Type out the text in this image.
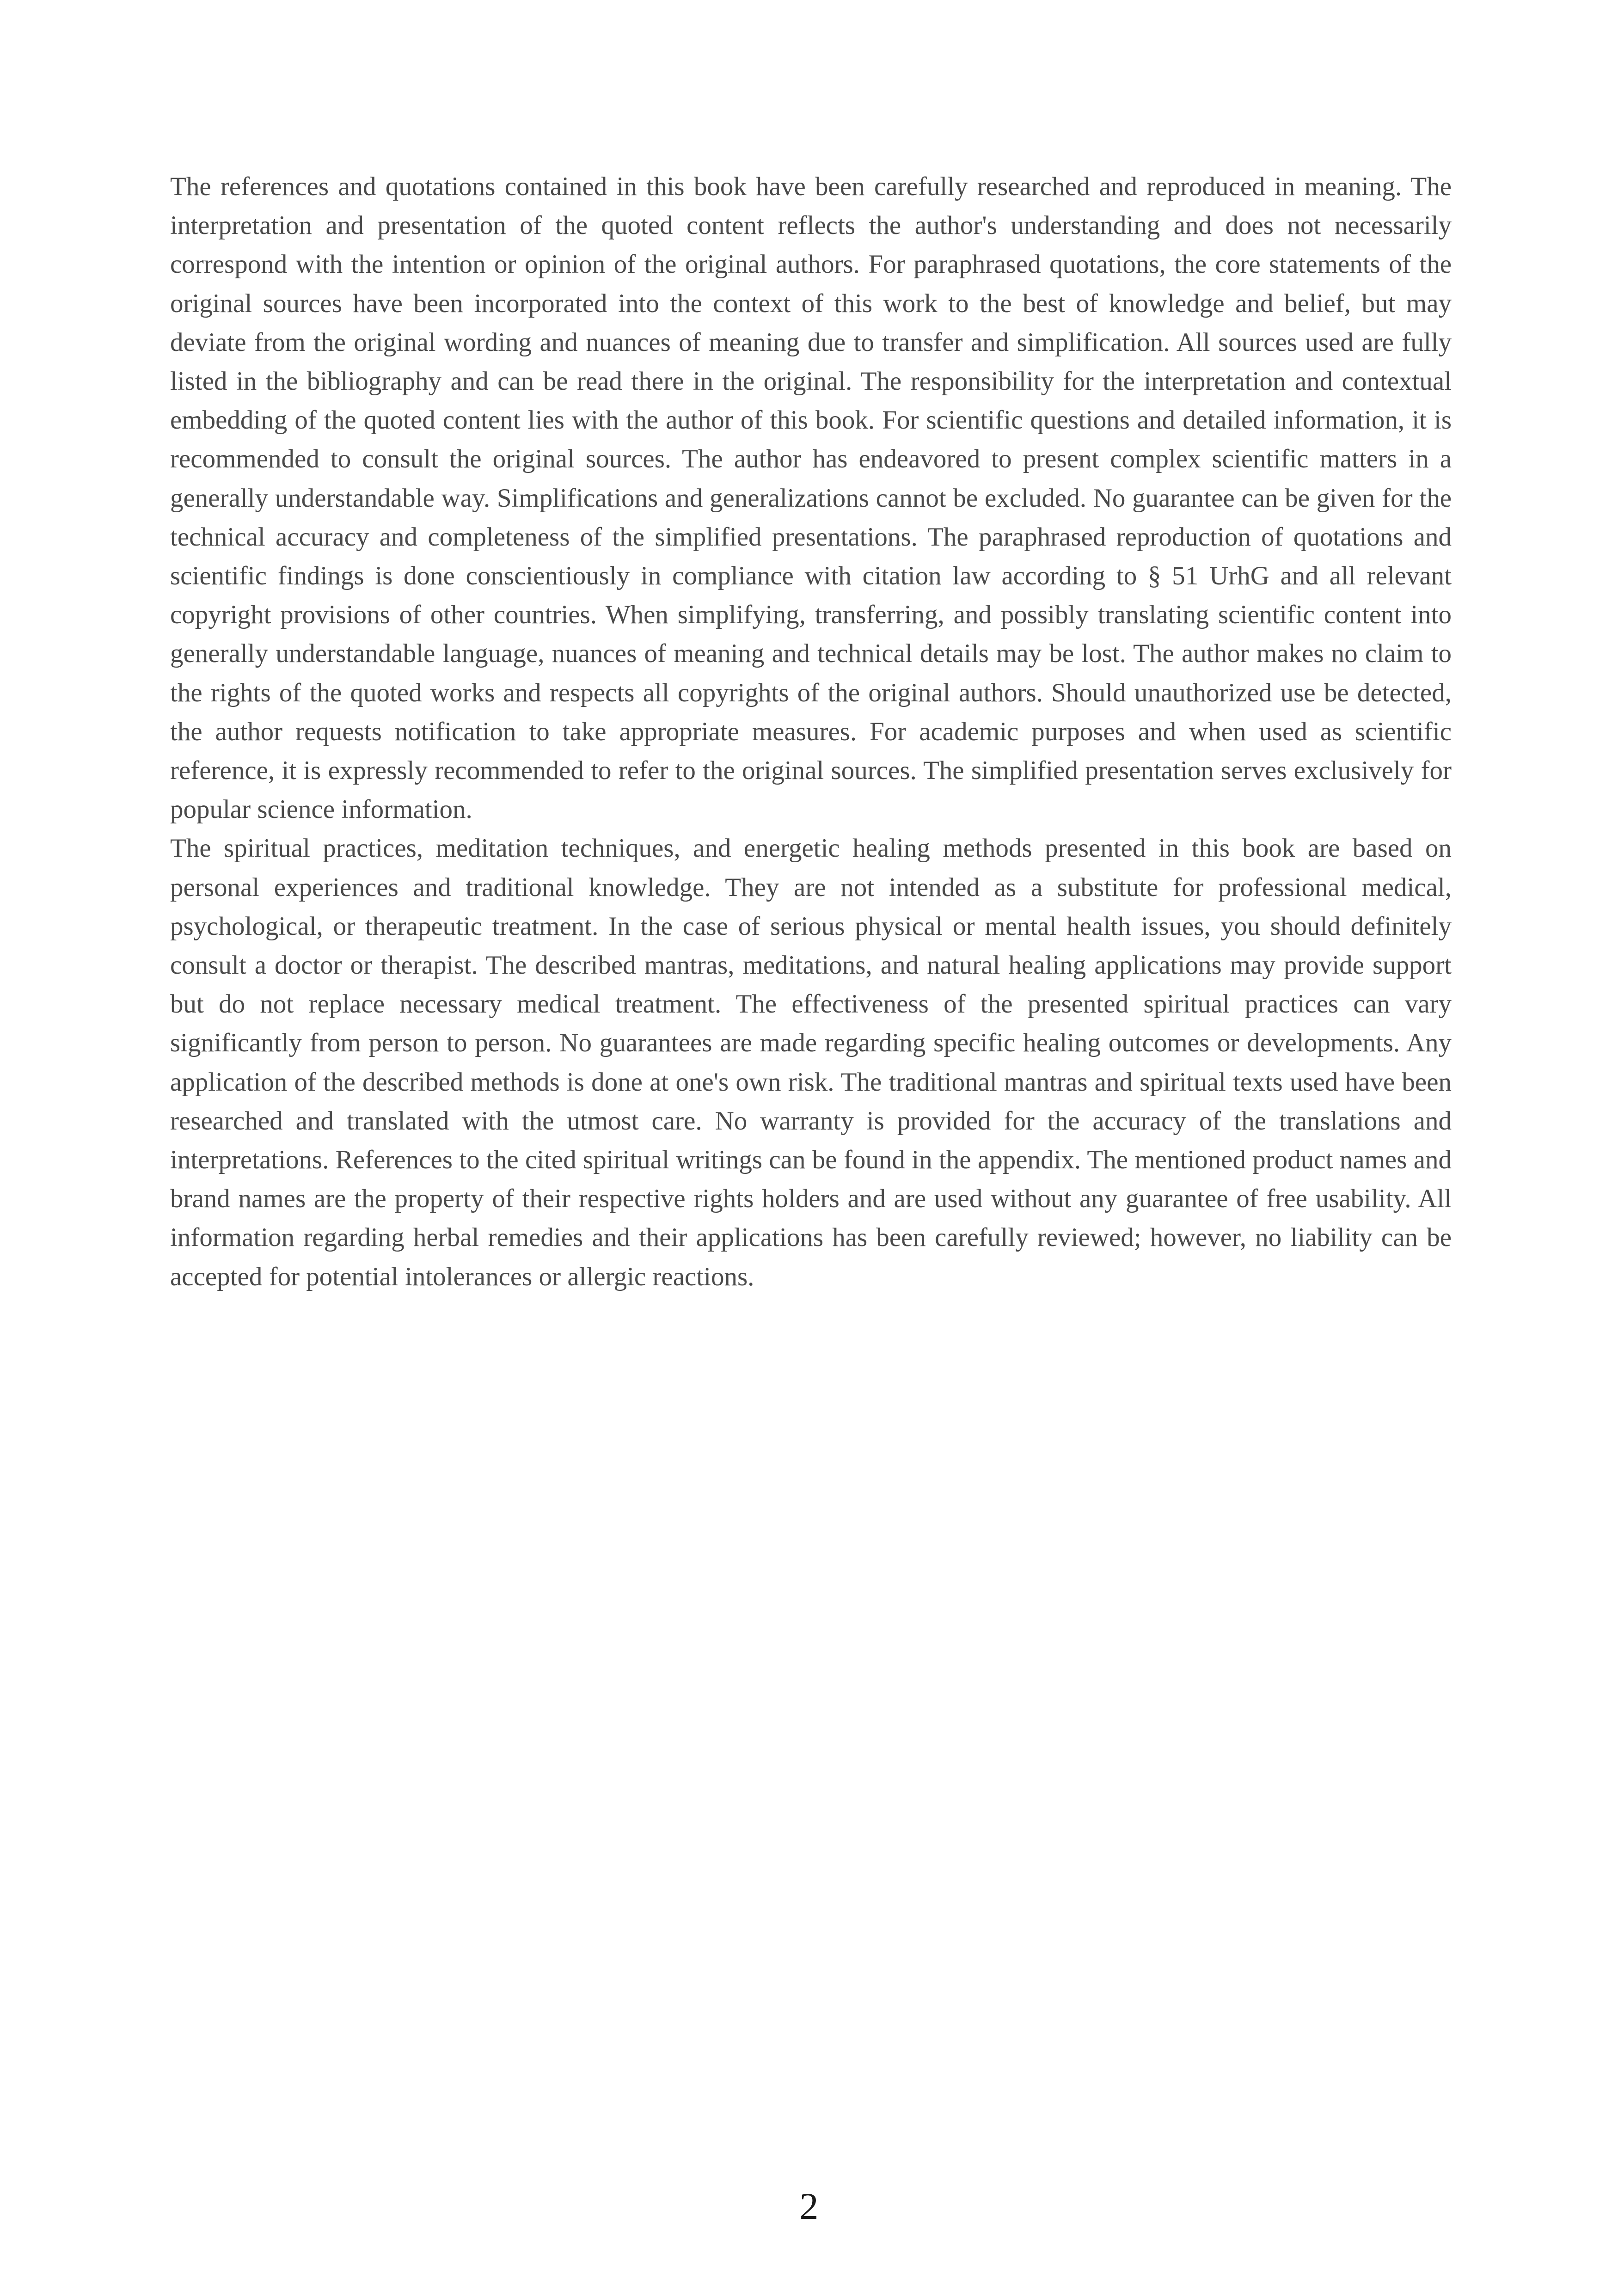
The references and quotations contained in this book have been carefully researched and reproduced in meaning. The interpretation and presentation of the quoted content reflects the author's understanding and does not necessarily correspond with the intention or opinion of the original authors. For paraphrased quotations, the core statements of the original sources have been incorporated into the context of this work to the best of knowledge and belief, but may deviate from the original wording and nuances of meaning due to transfer and simplification. All sources used are fully listed in the bibliography and can be read there in the original. The responsibility for the interpretation and contextual embedding of the quoted content lies with the author of this book. For scientific questions and detailed information, it is recommended to consult the original sources. The author has endeavored to present complex scientific matters in a generally understandable way. Simplifications and generalizations cannot be excluded. No guarantee can be given for the technical accuracy and completeness of the simplified presentations. The paraphrased reproduction of quotations and scientific findings is done conscientiously in compliance with citation law according to § 51 UrhG and all relevant copyright provisions of other countries. When simplifying, transferring, and possibly translating scientific content into generally understandable language, nuances of meaning and technical details may be lost. The author makes no claim to the rights of the quoted works and respects all copyrights of the original authors. Should unauthorized use be detected, the author requests notification to take appropriate measures. For academic purposes and when used as scientific reference, it is expressly recommended to refer to the original sources. The simplified presentation serves exclusively for popular science information.

The spiritual practices, meditation techniques, and energetic healing methods presented in this book are based on personal experiences and traditional knowledge. They are not intended as a substitute for professional medical, psychological, or therapeutic treatment. In the case of serious physical or mental health issues, you should definitely consult a doctor or therapist. The described mantras, meditations, and natural healing applications may provide support but do not replace necessary medical treatment. The effectiveness of the presented spiritual practices can vary significantly from person to person. No guarantees are made regarding specific healing outcomes or developments. Any application of the described methods is done at one's own risk. The traditional mantras and spiritual texts used have been researched and translated with the utmost care. No warranty is provided for the accuracy of the translations and interpretations. References to the cited spiritual writings can be found in the appendix. The mentioned product names and brand names are the property of their respective rights holders and are used without any guarantee of free usability. All information regarding herbal remedies and their applications has been carefully reviewed; however, no liability can be accepted for potential intolerances or allergic reactions.

2
